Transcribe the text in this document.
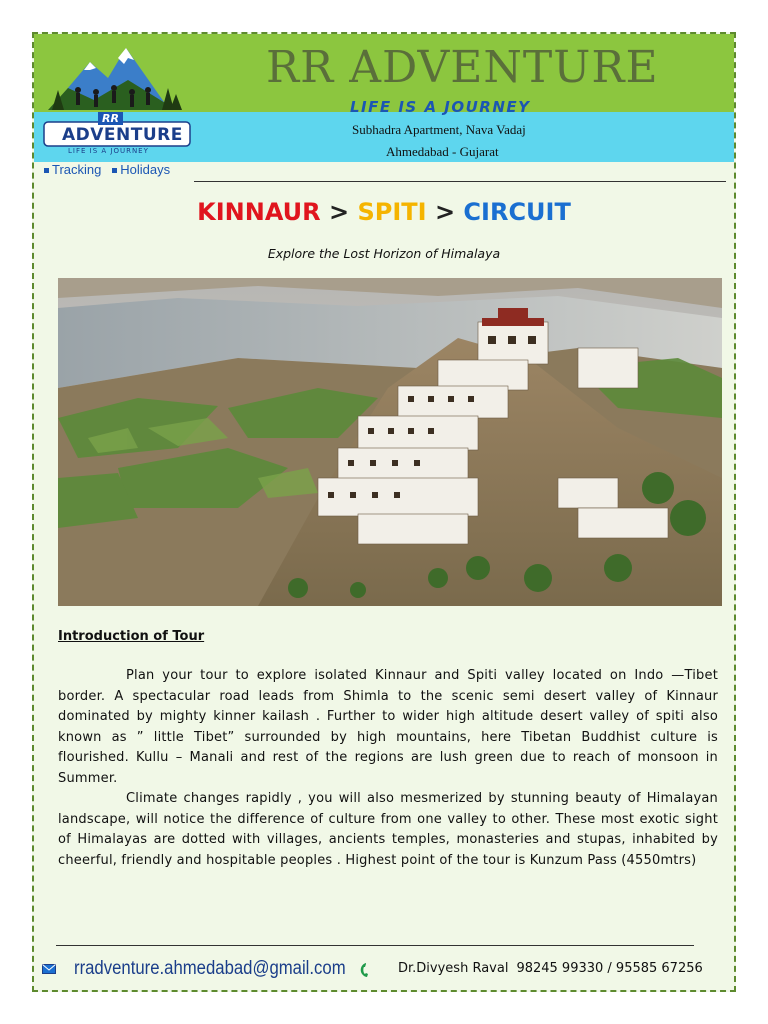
RR ADVENTURE
LIFE IS A JOURNEY
Subhadra Apartment, Nava Vadaj
Ahmedabad - Gujarat
RR
ADVENTURE
LIFE IS A JOURNEY
Tracking Holidays
KINNAUR > SPITI > CIRCUIT
Explore the Lost Horizon of Himalaya
Introduction of Tour

Plan your tour to explore isolated Kinnaur and Spiti valley located on Indo —Tibet border. A spectacular road leads from Shimla to the scenic semi desert valley of Kinnaur dominated by mighty kinner kailash . Further to wider high altitude desert valley of spiti also known as ” little Tibet” surrounded by high mountains, here Tibetan Buddhist culture is flourished. Kullu – Manali and rest of the regions are lush green due to reach of monsoon in Summer.

Climate changes rapidly , you will also mesmerized by stunning beauty of Himalayan landscape, will notice the difference of culture from one valley to other. These most exotic sight of Himalayas are dotted with villages, ancients temples, monasteries and stupas, inhabited by cheerful, friendly and hospitable peoples . Highest point of the tour is Kunzum Pass (4550mtrs)

rradventure.ahmedabad@gmail.com	Dr.Divyesh Raval 98245 99330 / 95585 67256
